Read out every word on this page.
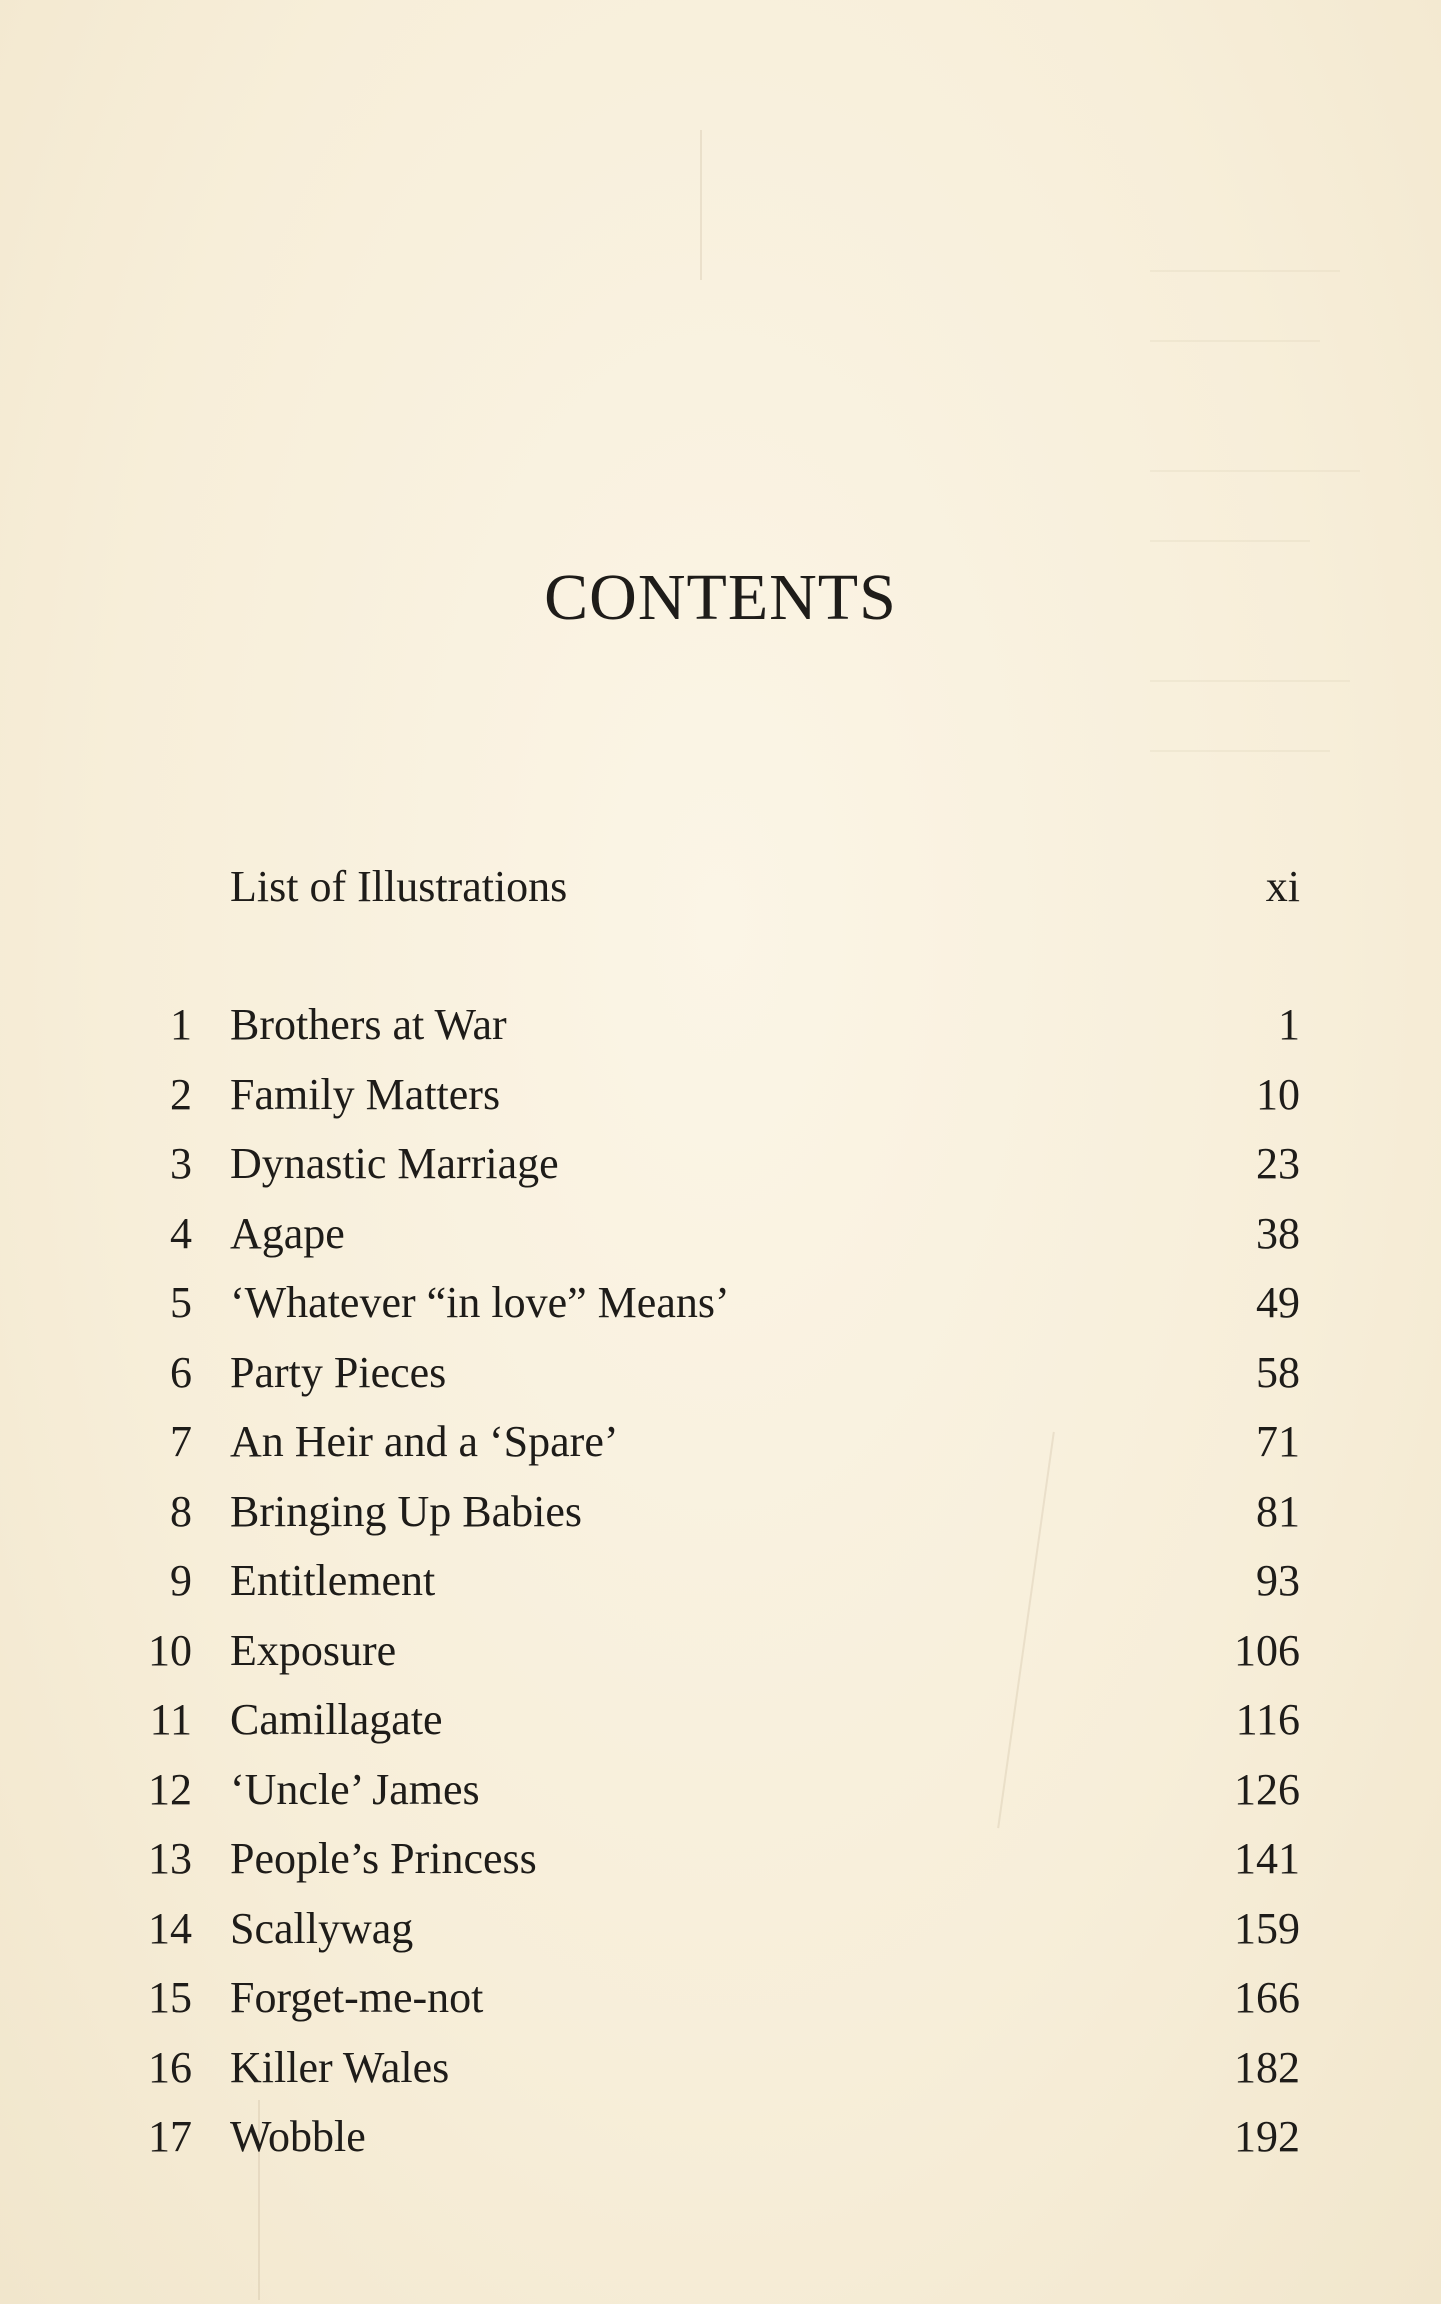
CONTENTS
List of Illustrations	xi
1 Brothers at War	1
2 Family Matters	10
3 Dynastic Marriage	23
4 Agape	38
5 ‘Whatever “in love” Means’	49
6 Party Pieces	58
7 An Heir and a ‘Spare’	71
8 Bringing Up Babies	81
9 Entitlement	93
10 Exposure	106
11 Camillagate	116
12 ‘Uncle’ James	126
13 People’s Princess	141
14 Scallywag	159
15 Forget-me-not	166
16 Killer Wales	182
17 Wobble	192
